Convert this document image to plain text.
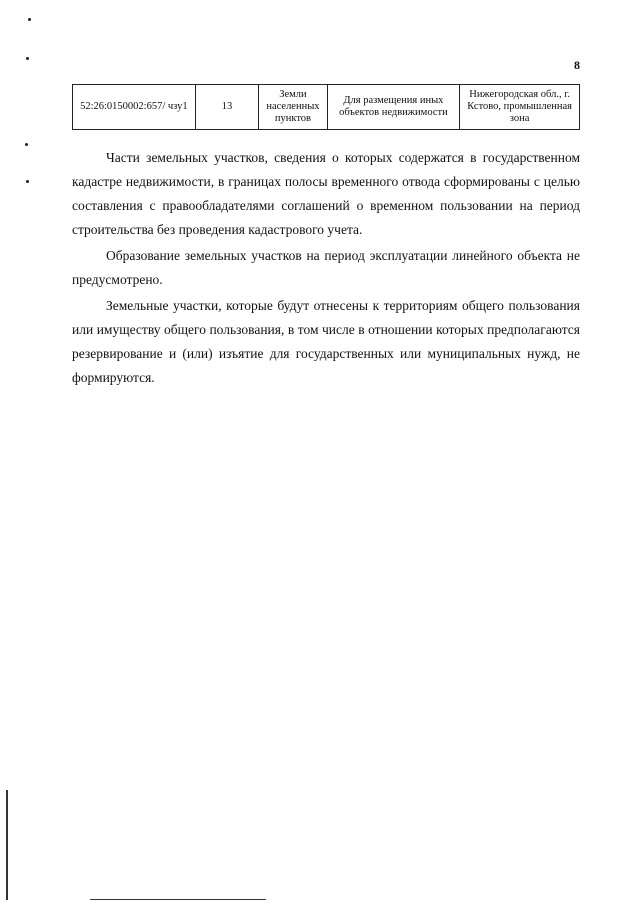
8
52:26:0150002:657/ чзу1	13	Земли населенных пунктов	Для размещения иных объектов недвижимости	Нижегородская обл., г. Кстово, промышленная зона

Части земельных участков, сведения о которых содержатся в государственном кадастре недвижимости, в границах полосы временного отвода сформированы с целью составления с правообладателями соглашений о временном пользовании на период строительства без проведения кадастрового учета.

Образование земельных участков на период эксплуатации линейного объекта не предусмотрено.

Земельные участки, которые будут отнесены к территориям общего пользования или имуществу общего пользования, в том числе в отношении которых предполагаются резервирование и (или) изъятие для государственных или муниципальных нужд, не формируются.
